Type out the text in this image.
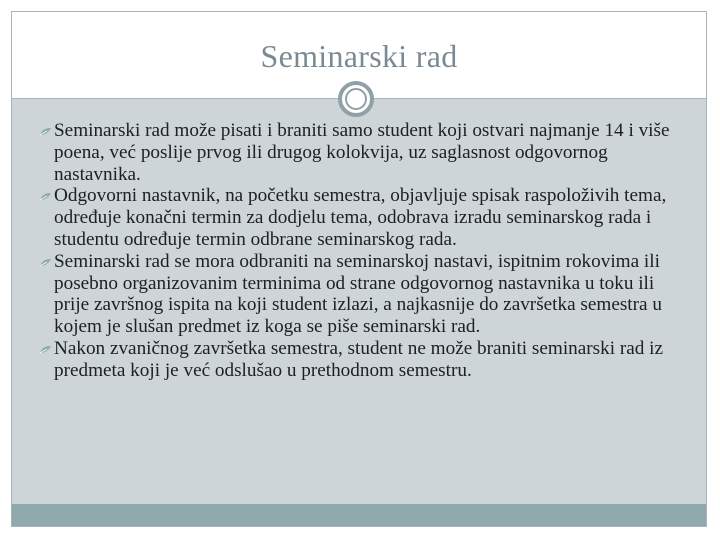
Seminarski rad
Seminarski rad može pisati i braniti samo student koji ostvari najmanje 14 i više poena, već poslije prvog ili drugog kolokvija, uz saglasnost odgovornog nastavnika.
Odgovorni nastavnik, na početku semestra, objavljuje spisak raspoloživih tema, određuje konačni termin za dodjelu tema, odobrava izradu seminarskog rada i studentu određuje termin odbrane seminarskog rada.
Seminarski rad se mora odbraniti na seminarskoj nastavi, ispitnim rokovima ili posebno organizovanim terminima od strane odgovornog nastavnika u toku ili prije završnog ispita na koji student izlazi, a najkasnije do završetka semestra u kojem je slušan predmet iz koga se piše seminarski rad.
Nakon zvaničnog završetka semestra, student ne može braniti seminarski rad iz predmeta koji je već odslušao u prethodnom semestru.
